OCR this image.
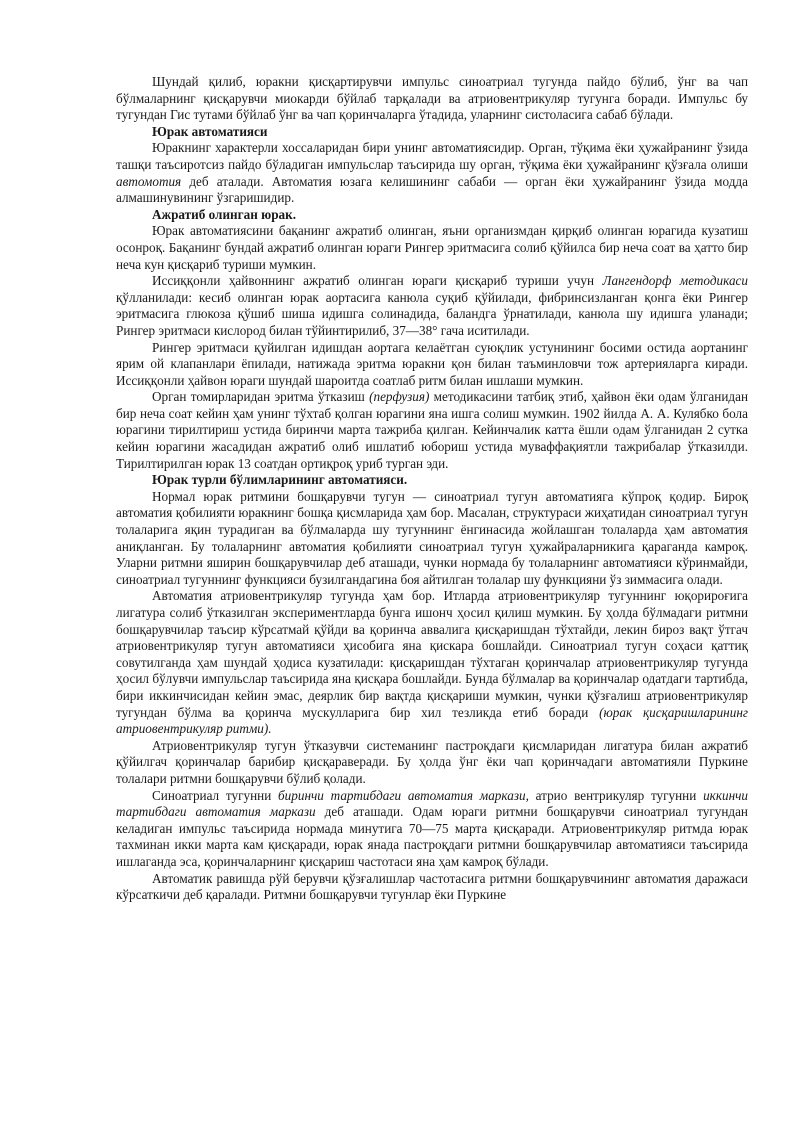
Шундай қилиб, юракни қисқартирувчи импульс синоатриал тугунда пайдо бўлиб, ўнг ва чап бўлмаларнинг қисқарувчи миокарди бўйлаб тарқалади ва атриовентрикуляр тугунга боради. Импульс бу тугундан Гис тутами бўйлаб ўнг ва чап қоринчаларга ўтадида, уларнинг систоласига сабаб бўлади.

Юрак автоматияси

Юракнинг характерли хоссаларидан бири унинг автоматиясидир. Орган, тўқима ёки ҳужайранинг ўзида ташқи таъсиротсиз пайдо бўладиган импульслар таъсирида шу орган, тўқима ёки ҳужайранинг қўзғала олиши автомотия деб аталади. Автоматия юзага келишининг сабаби — орган ёки ҳужайранинг ўзида модда алмашинувининг ўзгаришидир.

Ажратиб олинган юрак.

Юрак автоматиясини бақанинг ажратиб олинган, яъни организмдан қирқиб олинган юрагида кузатиш осонроқ. Бақанинг бундай ажратиб олинган юраги Рингер эритмасига солиб қўйилса бир неча соат ва ҳатто бир неча кун қисқариб туриши мумкин.

Иссиққонли ҳайвоннинг ажратиб олинган юраги қисқариб туриши учун Лангендорф методикаси қўлланилади: кесиб олинган юрак аортасига канюла суқиб қўйилади, фибринсизланган қонга ёки Рингер эритмасига глюкоза қўшиб шиша идишга солинадида, баландга ўрнатилади, канюла шу идишга уланади; Рингер эритмаси кислород билан тўйинтирилиб, 37—38° гача иситилади.

Рингер эритмаси қуйилган идишдан аортага келаётган суюқлик устунининг босими остида аортанинг ярим ой клапанлари ёпилади, натижада эритма юракни қон билан таъминловчи тож артерияларга киради. Иссиққонли ҳайвон юраги шундай шароитда соатлаб ритм билан ишлаши мумкин.

Орган томирларидан эритма ўтказиш (перфузия) методикасини татбиқ этиб, ҳайвон ёки одам ўлганидан бир неча соат кейин ҳам унинг тўхтаб қолган юрагини яна ишга солиш мумкин. 1902 йилда А. А. Кулябко бола юрагини тирилтириш устида биринчи марта тажриба қилган. Кейинчалик катта ёшли одам ўлганидан 2 сутка кейин юрагини жасадидан ажратиб олиб ишлатиб юбориш устида муваффақиятли тажрибалар ўтказилди. Тирилтирилган юрак 13 соатдан ортиқроқ уриб турган эди.

Юрак турли бўлимларининг автоматияси.

Нормал юрак ритмини бошқарувчи тугун — синоатриал тугун автоматияга кўпроқ қодир. Бироқ автоматия қобилияти юракнинг бошқа қисмларида ҳам бор. Масалан, структураси жиҳатидан синоатриал тугун толаларига яқин турадиган ва бўлмаларда шу тугуннинг ёнгинасида жойлашган толаларда ҳам автоматия аниқланган. Бу толаларнинг автоматия қобилияти синоатриал тугун ҳужайраларникига қараганда камроқ. Уларни ритмни яширин бошқарувчилар деб аташади, чунки нормада бу толаларнинг автоматияси кўринмайди, синоатриал тугуннинг функцияси бузилгандагина боя айтилган толалар шу функцияни ўз зиммасига олади.

Автоматия атриовентрикуляр тугунда ҳам бор. Итларда атриовентрикуляр тугуннинг юқорироғига лигатура солиб ўтказилган экспериментларда бунга ишонч ҳосил қилиш мумкин. Бу ҳолда бўлмадаги ритмни бошқарувчилар таъсир кўрсатмай қўйди ва қоринча аввалига қисқаришдан тўхтайди, лекин бироз вақт ўтгач атриовентрикуляр тугун автоматияси ҳисобига яна қискара бошлайди. Синоатриал тугун соҳаси қаттиқ совутилганда ҳам шундай ҳодиса кузатилади: қисқаришдан тўхтаган қоринчалар атриовентрикуляр тугунда ҳосил бўлувчи импульслар таъсирида яна қисқара бошлайди. Бунда бўлмалар ва қоринчалар одатдаги тартибда, бири иккинчисидан кейин эмас, деярлик бир вақтда қисқариши мумкин, чунки қўзғалиш атриовентрикуляр тугундан бўлма ва қоринча мускулларига бир хил тезликда етиб боради (юрак қисқаришларининг атриовентрикуляр ритми).

Атриовентрикуляр тугун ўтказувчи системанинг пастроқдаги қисмларидан лигатура билан ажратиб қўйилгач қоринчалар барибир қисқараверади. Бу ҳолда ўнг ёки чап қоринчадаги автоматияли Пуркине толалари ритмни бошқарувчи бўлиб қолади.

Синоатриал тугунни биринчи тартибдаги автоматия маркази, атрио вентрикуляр тугунни иккинчи тартибдаги автоматия маркази деб аташади. Одам юраги ритмни бошқарувчи синоатриал тугундан келадиган импульс таъсирида нормада минутига 70—75 марта қисқаради. Атриовентрикуляр ритмда юрак тахминан икки марта кам қисқаради, юрак янада пастроқдаги ритмни бошқарувчилар автоматияси таъсирида ишлаганда эса, қоринчаларнинг қисқариш частотаси яна ҳам камроқ бўлади.

Автоматик равишда рўй берувчи қўзғалишлар частотасига ритмни бошқарувчининг автоматия даражаси кўрсаткичи деб қаралади. Ритмни бошқарувчи тугунлар ёки Пуркине
